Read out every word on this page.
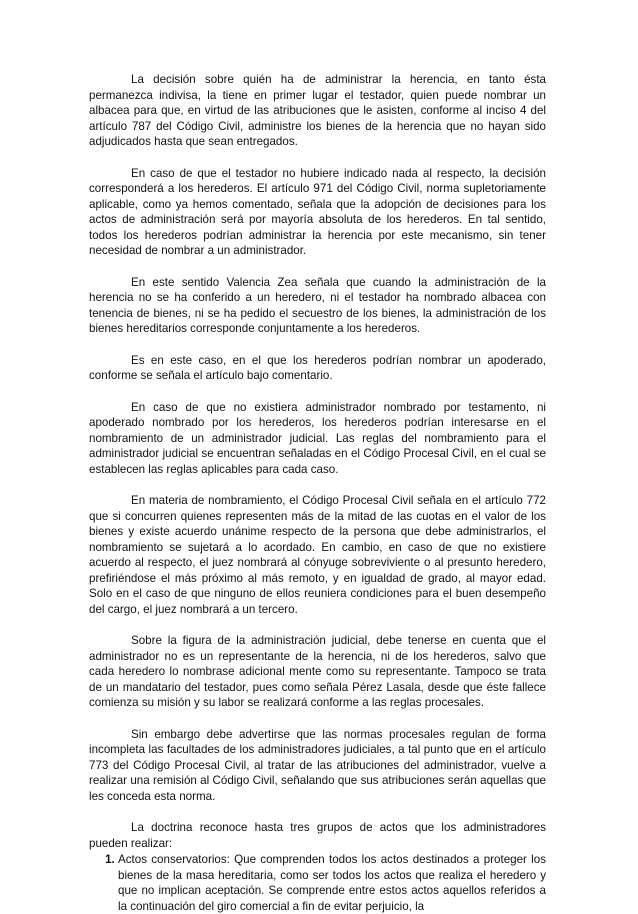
La decisión sobre quién ha de administrar la herencia, en tanto ésta permanezca indivisa, la tiene en primer lugar el testador, quien puede nombrar un albacea para que, en virtud de las atribuciones que le asisten, conforme al inciso 4 del artículo 787 del Código Civil, administre los bienes de la herencia que no hayan sido adjudicados hasta que sean entregados.

En caso de que el testador no hubiere indicado nada al respecto, la decisión corresponderá a los herederos. El artículo 971 del Código Civil, norma supletoriamente aplicable, como ya hemos comentado, señala que la adopción de decisiones para los actos de administración será por mayoría absoluta de los herederos. En tal sentido, todos los herederos podrían administrar la herencia por este mecanismo, sin tener necesidad de nombrar a un administrador.

En este sentido Valencia Zea señala que cuando la administración de la herencia no se ha conferido a un heredero, ni el testador ha nombrado albacea con tenencia de bienes, ni se ha pedido el secuestro de los bienes, la administración de los bienes hereditarios corresponde conjuntamente a los herederos.

Es en este caso, en el que los herederos podrían nombrar un apoderado, conforme se señala el artículo bajo comentario.

En caso de que no existiera administrador nombrado por testamento, ni apoderado nombrado por los herederos, los herederos podrían interesarse en el nombramiento de un administrador judicial. Las reglas del nombramiento para el administrador judicial se encuentran señaladas en el Código Procesal Civil, en el cual se establecen las reglas aplicables para cada caso.

En materia de nombramiento, el Código Procesal Civil señala en el artículo 772 que si concurren quienes representen más de la mitad de las cuotas en el valor de los bienes y existe acuerdo unánime respecto de la persona que debe administrarlos, el nombramiento se sujetará a lo acordado. En cambio, en caso de que no existiere acuerdo al respecto, el juez nombrará al cónyuge sobreviviente o al presunto heredero, prefiriéndose el más próximo al más remoto, y en igualdad de grado, al mayor edad. Solo en el caso de que ninguno de ellos reuniera condiciones para el buen desempeño del cargo, el juez nombrará a un tercero.

Sobre la figura de la administración judicial, debe tenerse en cuenta que el administrador no es un representante de la herencia, ni de los herederos, salvo que cada heredero lo nombrase adicional mente como su representante. Tampoco se trata de un mandatario del testador, pues como señala Pérez Lasala, desde que éste fallece comienza su misión y su labor se realizará conforme a las reglas procesales.

Sin embargo debe advertirse que las normas procesales regulan de forma incompleta las facultades de los administradores judiciales, a tal punto que en el artículo 773 del Código Procesal Civil, al tratar de las atribuciones del administrador, vuelve a realizar una remisión al Código Civil, señalando que sus atribuciones serán aquellas que les conceda esta norma.

La doctrina reconoce hasta tres grupos de actos que los administradores pueden realizar:

1. Actos conservatorios: Que comprenden todos los actos destinados a proteger los bienes de la masa hereditaria, como ser todos los actos que realiza el heredero y que no implican aceptación. Se comprende entre estos actos aquellos referidos a la continuación del giro comercial a fin de evitar perjuicio, la
